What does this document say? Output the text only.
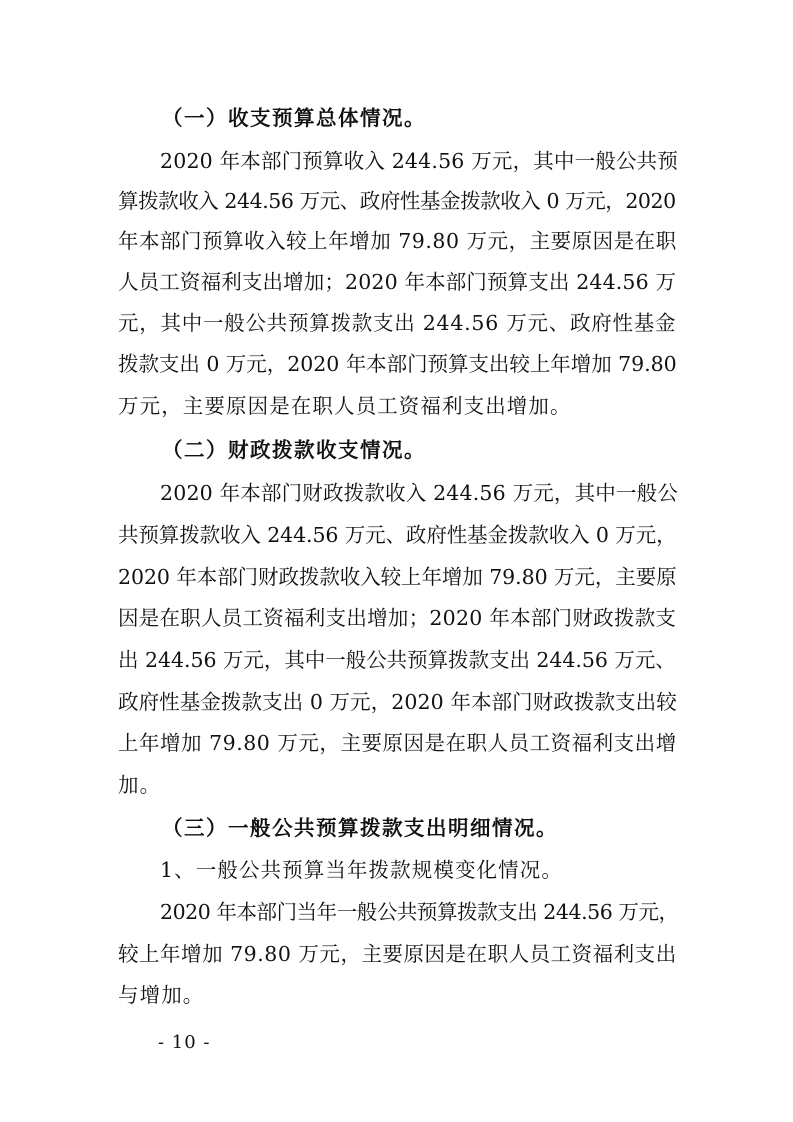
（一）收支预算总体情况。
2020 年本部门预算收入 244.56 万元，其中一般公共预
算拨款收入 244.56 万元、政府性基金拨款收入 0 万元，2020
年本部门预算收入较上年增加 79.80 万元，主要原因是在职
人员工资福利支出增加；2020 年本部门预算支出 244.56 万
元，其中一般公共预算拨款支出 244.56 万元、政府性基金
拨款支出 0 万元，2020 年本部门预算支出较上年增加 79.80
万元，主要原因是在职人员工资福利支出增加。
（二）财政拨款收支情况。
2020 年本部门财政拨款收入 244.56 万元，其中一般公
共预算拨款收入 244.56 万元、政府性基金拨款收入 0 万元，
2020 年本部门财政拨款收入较上年增加 79.80 万元，主要原
因是在职人员工资福利支出增加；2020 年本部门财政拨款支
出 244.56 万元，其中一般公共预算拨款支出 244.56 万元、
政府性基金拨款支出 0 万元，2020 年本部门财政拨款支出较
上年增加 79.80 万元，主要原因是在职人员工资福利支出增
加。
（三）一般公共预算拨款支出明细情况。
1、一般公共预算当年拨款规模变化情况。
2020 年本部门当年一般公共预算拨款支出 244.56 万元，
较上年增加 79.80 万元，主要原因是在职人员工资福利支出
与增加。
- 10 -
